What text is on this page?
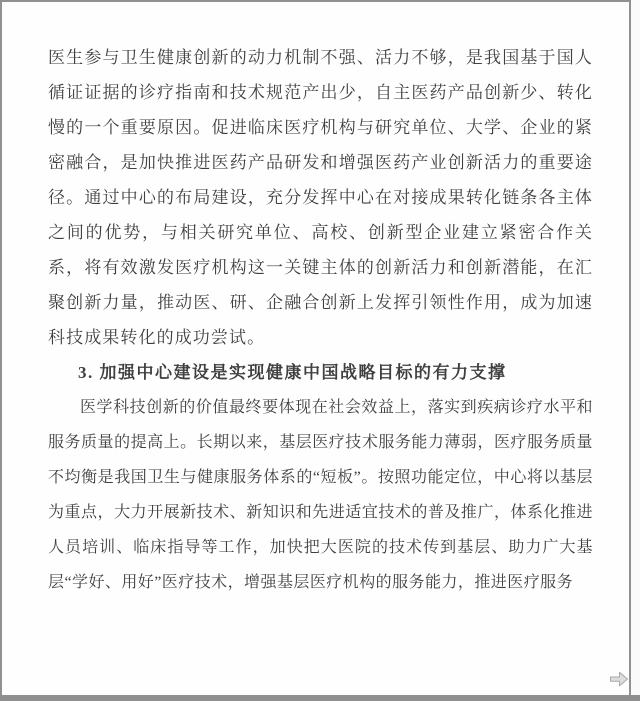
医生参与卫生健康创新的动力机制不强、活力不够，是我国基于国人循证证据的诊疗指南和技术规范产出少，自主医药产品创新少、转化慢的一个重要原因。促进临床医疗机构与研究单位、大学、企业的紧密融合，是加快推进医药产品研发和增强医药产业创新活力的重要途径。通过中心的布局建设，充分发挥中心在对接成果转化链条各主体之间的优势，与相关研究单位、高校、创新型企业建立紧密合作关系，将有效激发医疗机构这一关键主体的创新活力和创新潜能，在汇聚创新力量，推动医、研、企融合创新上发挥引领性作用，成为加速科技成果转化的成功尝试。

3. 加强中心建设是实现健康中国战略目标的有力支撑

医学科技创新的价值最终要体现在社会效益上，落实到疾病诊疗水平和服务质量的提高上。长期以来，基层医疗技术服务能力薄弱，医疗服务质量不均衡是我国卫生与健康服务体系的“短板”。按照功能定位，中心将以基层为重点，大力开展新技术、新知识和先进适宜技术的普及推广，体系化推进人员培训、临床指导等工作，加快把大医院的技术传到基层、助力广大基层“学好、用好”医疗技术，增强基层医疗机构的服务能力，推进医疗服务
